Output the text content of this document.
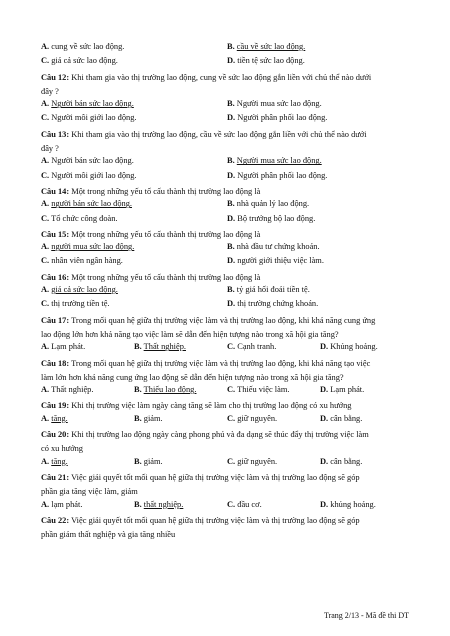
A. cung về sức lao động.	B. cầu về sức lao động.
C. giá cả sức lao động.	D. tiền tệ sức lao động.
Câu 12: Khi tham gia vào thị trường lao động, cung về sức lao động gắn liền với chủ thể nào dưới
đây ?
A. Người bán sức lao động.	B. Người mua sức lao động.
C. Người môi giới lao động.	D. Người phân phối lao động.
Câu 13: Khi tham gia vào thị trường lao động, cầu về sức lao động gắn liền với chủ thể nào dưới
đây ?
A. Người bán sức lao động.	B. Người mua sức lao động.
C. Người môi giới lao động.	D. Người phân phối lao động.
Câu 14: Một trong những yếu tố cấu thành thị trường lao động là
A. người bán sức lao động.	B. nhà quản lý lao động.
C. Tổ chức công đoàn.	D. Bộ trưởng bộ lao động.
Câu 15: Một trong những yếu tố cấu thành thị trường lao động là
A. người mua sức lao động.	B. nhà đầu tư chứng khoán.
C. nhân viên ngân hàng.	D. người giới thiệu việc làm.
Câu 16: Một trong những yếu tố cấu thành thị trường lao động là
A. giá cả sức lao động.	B. tỷ giá hối đoái tiền tệ.
C. thị trường tiền tệ.	D. thị trường chứng khoán.
Câu 17: Trong mối quan hệ giữa thị trường việc làm và thị trường lao động, khi khả năng cung ứng
lao động lớn hơn khả năng tạo việc làm sẽ dẫn đến hiện tượng nào trong xã hội gia tăng?
A. Lạm phát.	B. Thất nghiệp.	C. Cạnh tranh.	D. Khủng hoảng.
Câu 18: Trong mối quan hệ giữa thị trường việc làm và thị trường lao động, khi khả năng tạo việc
làm lớn hơn khả năng cung ứng lao động sẽ dẫn đến hiện tượng nào trong xã hội gia tăng?
A. Thất nghiệp.	B. Thiếu lao động.	C. Thiếu việc làm.	D. Lạm phát.
Câu 19: Khi thị trường việc làm ngày càng tăng sẽ làm cho thị trường lao động có xu hướng
A. tăng.	B. giảm.	C. giữ nguyên.	D. cân bằng.
Câu 20: Khi thị trường lao động ngày càng phong phú và đa dạng sẽ thúc đẩy thị trường việc làm
có xu hướng
A. tăng.	B. giảm.	C. giữ nguyên.	D. cân bằng.
Câu 21: Việc giải quyết tốt mối quan hệ giữa thị trường việc làm và thị trường lao động sẽ góp
phần gia tăng việc làm, giảm
A. lạm phát.	B. thất nghiệp.	C. đầu cơ.	D. khủng hoảng.
Câu 22: Việc giải quyết tốt mối quan hệ giữa thị trường việc làm và thị trường lao động sẽ góp
phần giảm thất nghiệp và gia tăng nhiều
Trang 2/13 - Mã đề thi DT
